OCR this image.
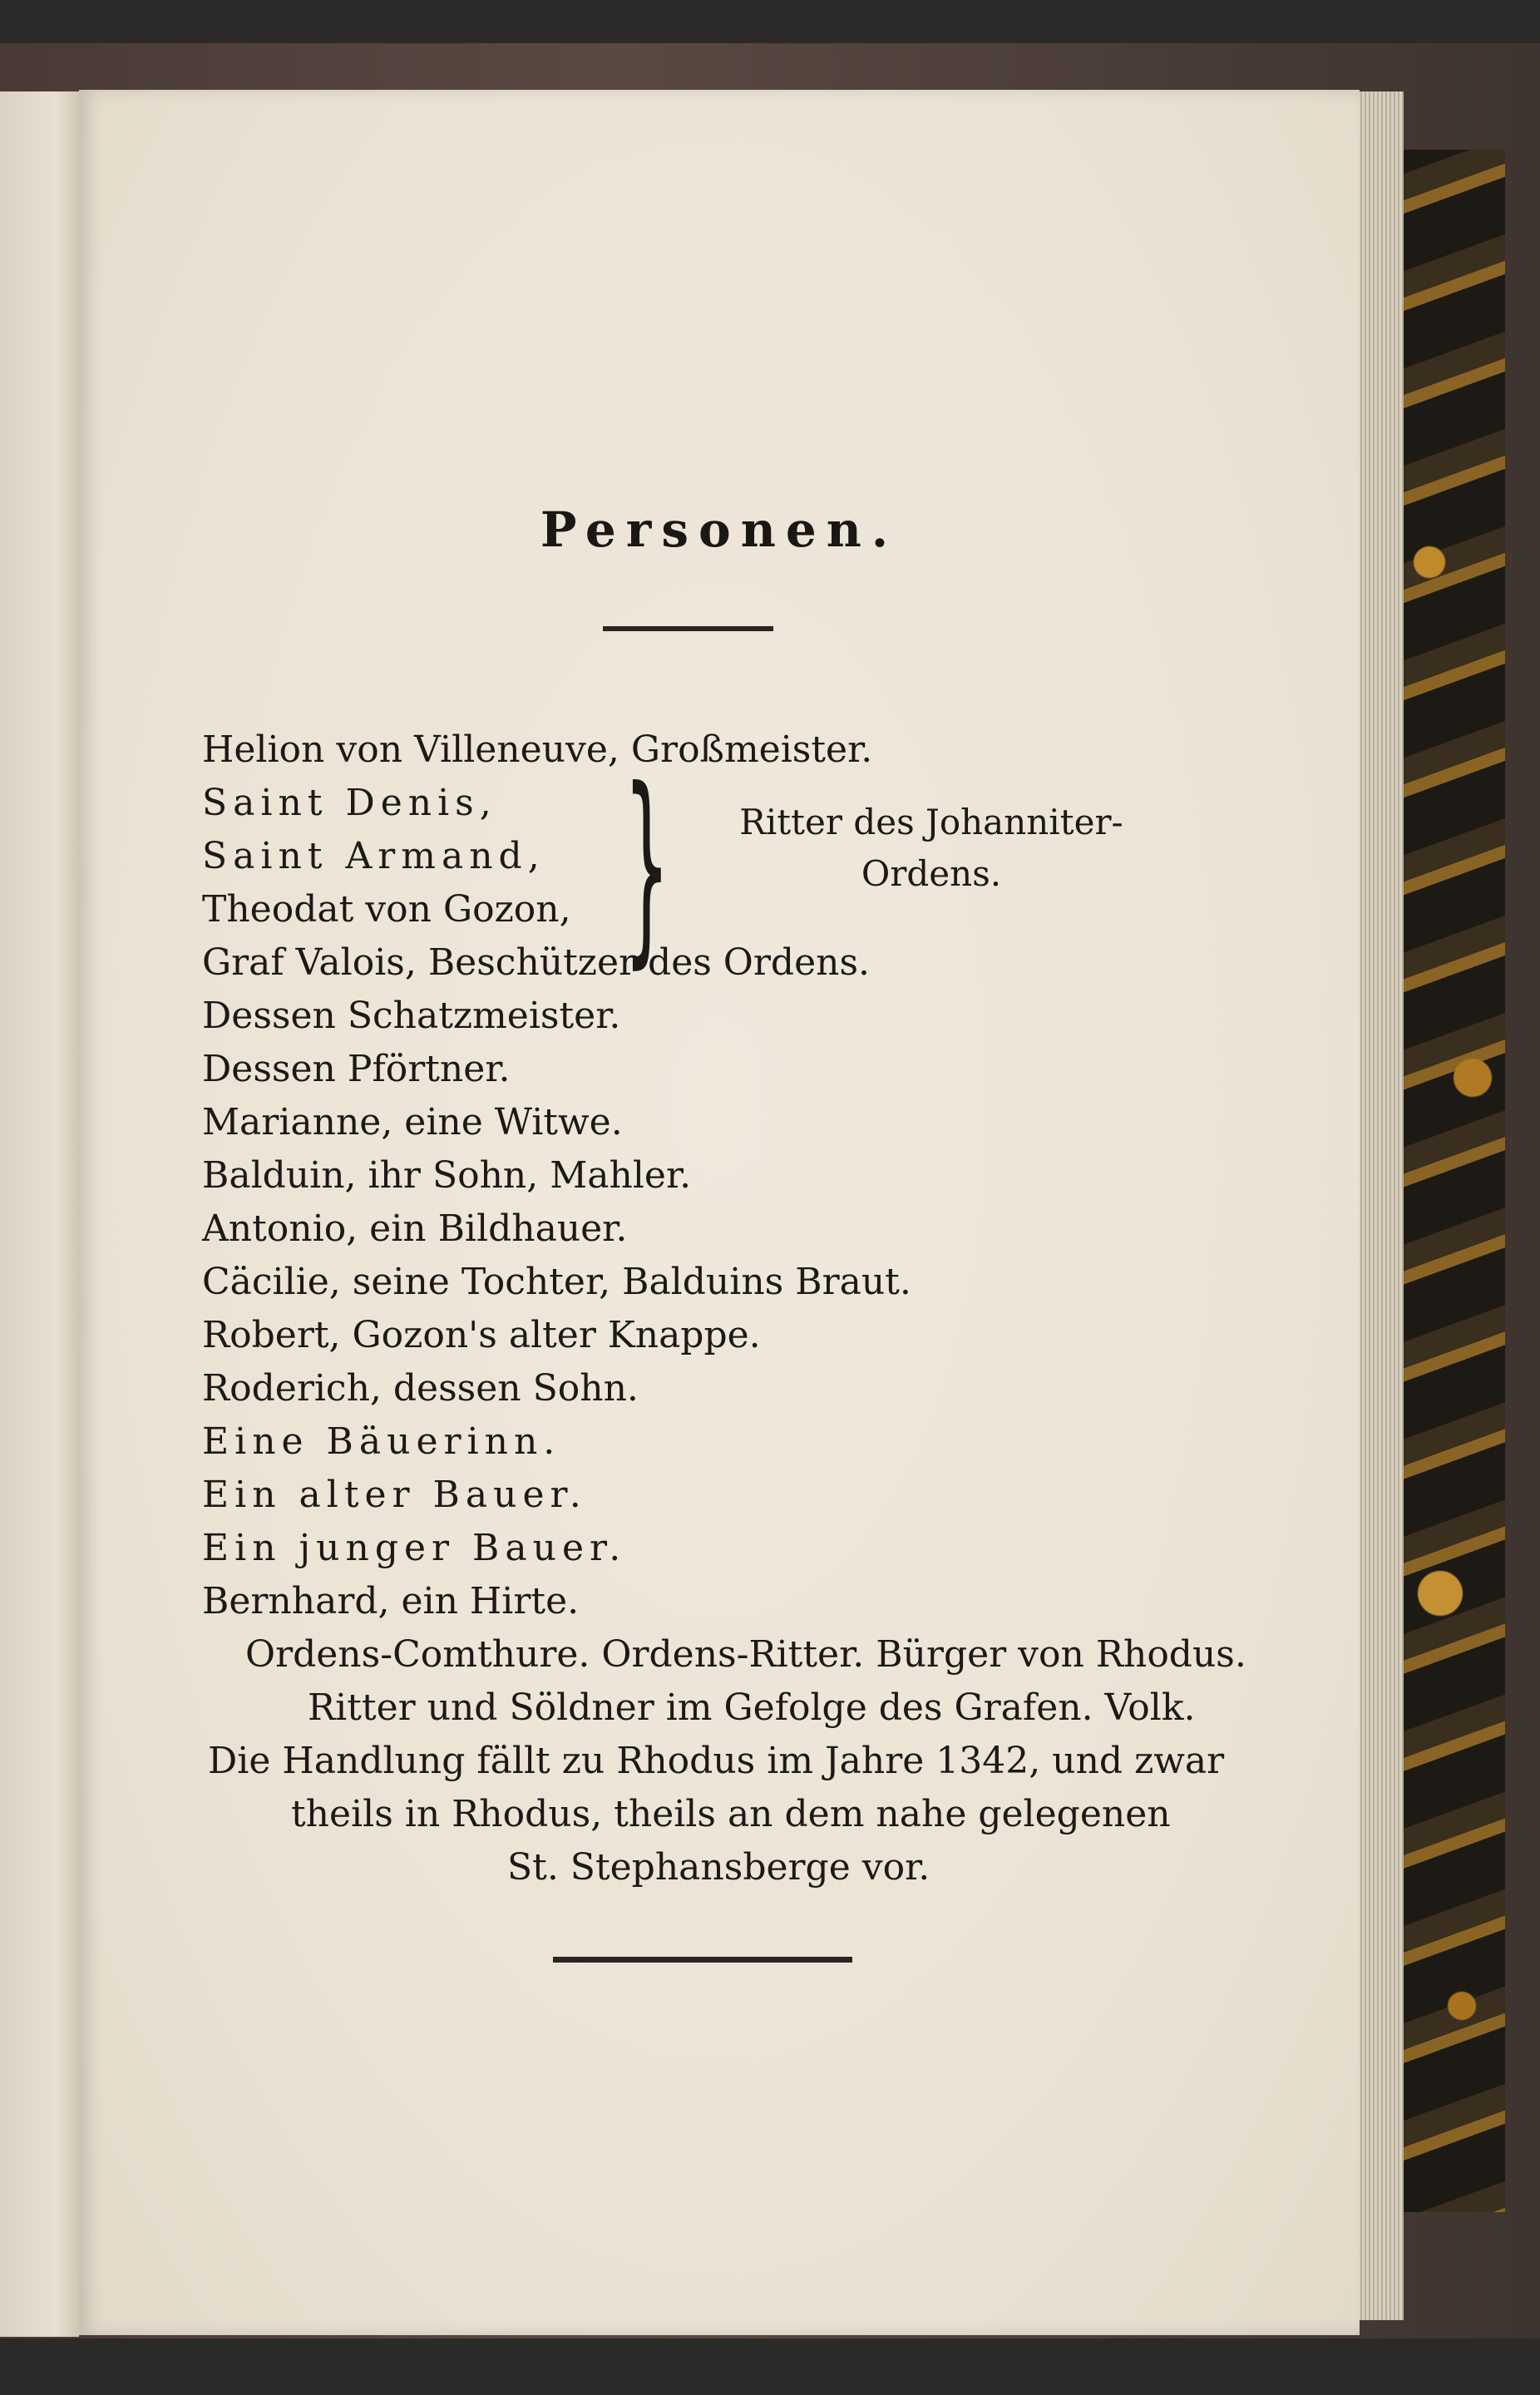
Personen.
Helion von Villeneuve, Großmeister.
Saint Denis,
Saint Armand,
Theodat von Gozon, }	Ritter des Johanniter-
Ordens.
Graf Valois, Beschützer des Ordens.
Dessen Schatzmeister.
Dessen Pförtner.
Marianne, eine Witwe.
Balduin, ihr Sohn, Mahler.
Antonio, ein Bildhauer.
Cäcilie, seine Tochter, Balduins Braut.
Robert, Gozon's alter Knappe.
Roderich, dessen Sohn.
Eine Bäuerinn.
Ein alter Bauer.
Ein junger Bauer.
Bernhard, ein Hirte.
Ordens-Comthure. Ordens-Ritter. Bürger von Rhodus.
Ritter und Söldner im Gefolge des Grafen. Volk.
Die Handlung fällt zu Rhodus im Jahre 1342, und zwar
theils in Rhodus, theils an dem nahe gelegenen
St. Stephansberge vor.
